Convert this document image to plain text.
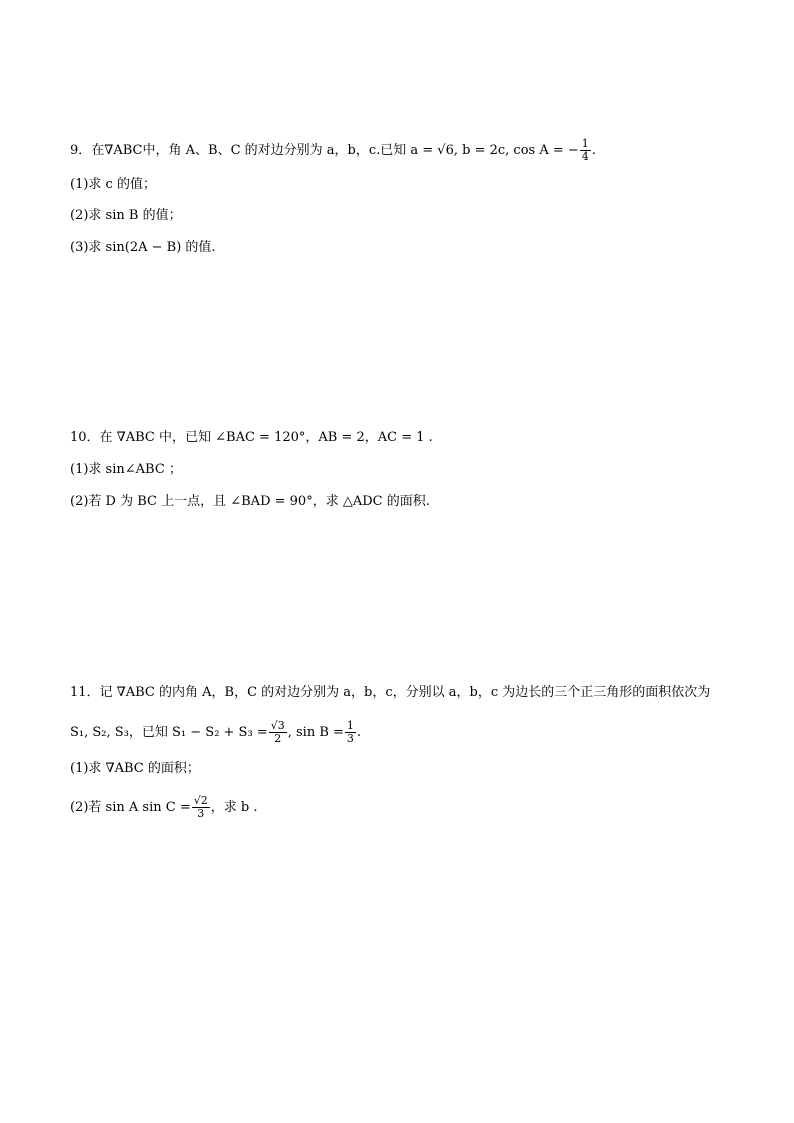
9．在∇ABC中，角 A、B、C 的对边分别为 a，b，c.已知 a = √6, b = 2c, cos A = − $\frac{1}{4}$ .
(1)求 c 的值；
(2)求 sin B 的值；
(3)求 sin(2A − B) 的值.
10．在 ∇ABC 中，已知 ∠BAC = 120°，AB = 2，AC = 1 .
(1)求 sin∠ABC ；
(2)若 D 为 BC 上一点，且 ∠BAD = 90°，求 △ADC 的面积.
11．记 ∇ABC 的内角 A，B，C 的对边分别为 a，b，c，分别以 a，b，c 为边长的三个正三角形的面积依次为
S₁, S₂, S₃，已知 $S_1 - S_2 + S_3 = \frac{√3}{2}$ , $\sin B = \frac{1}{3}$ .
(1)求 ∇ABC 的面积；
(2)若 sin A $\sin C = \frac{√2}{3}$ ，求 b .
